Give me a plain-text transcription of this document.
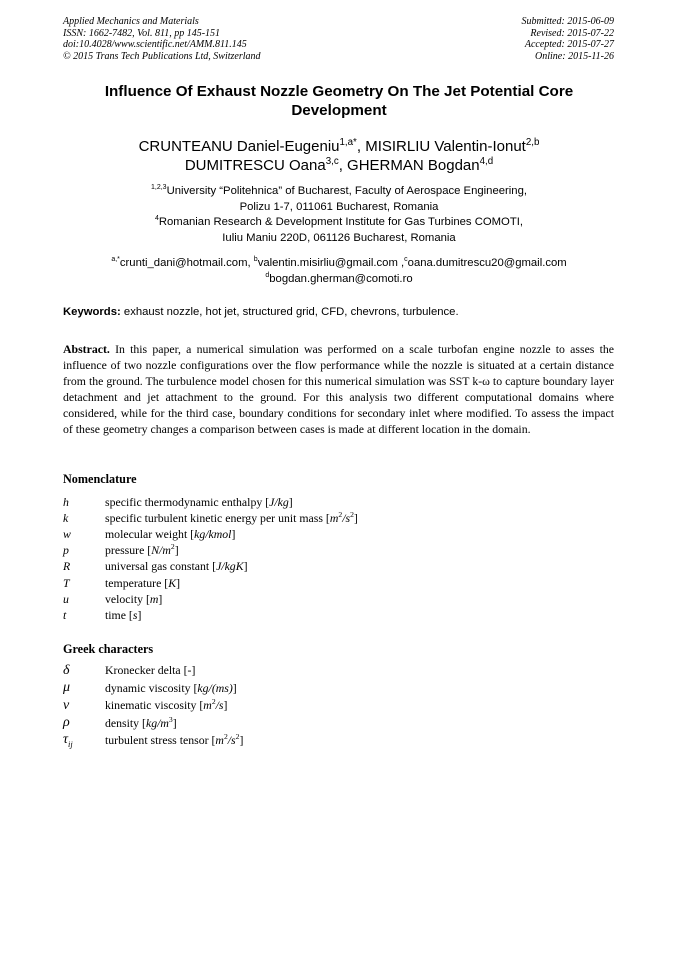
Applied Mechanics and Materials
ISSN: 1662-7482, Vol. 811, pp 145-151
doi:10.4028/www.scientific.net/AMM.811.145
© 2015 Trans Tech Publications Ltd, Switzerland
Submitted: 2015-06-09
Revised: 2015-07-22
Accepted: 2015-07-27
Online: 2015-11-26
Influence Of Exhaust Nozzle Geometry On The Jet Potential Core
Development
CRUNTEANU Daniel-Eugeniu$^{1,a*}$, MISIRLIU Valentin-Ionut$^{2,b}$
DUMITRESCU Oana$^{3,c}$, GHERMAN Bogdan$^{4,d}$
$^{1,2,3}$University “Politehnica” of Bucharest, Faculty of Aerospace Engineering,
Polizu 1-7, 011061 Bucharest, Romania
$^4$Romanian Research & Development Institute for Gas Turbines COMOTI,
Iuliu Maniu 220D, 061126 Bucharest, Romania
$^{a,*}$crunti_dani@hotmail.com, $^b$valentin.misirliu@gmail.com ,$^c$oana.dumitrescu20@gmail.com
$^d$bogdan.gherman@comoti.ro
Keywords: exhaust nozzle, hot jet, structured grid, CFD, chevrons, turbulence.
Abstract. In this paper, a numerical simulation was performed on a scale turbofan engine nozzle to asses the influence of two nozzle configurations over the flow performance while the nozzle is situated at a certain distance from the ground. The turbulence model chosen for this numerical simulation was SST k-ω to capture boundary layer detachment and jet attachment to the ground. For this analysis two different computational domains where considered, while for the third case, boundary conditions for secondary inlet where modified. To assess the impact of these geometry changes a comparison between cases is made at different location in the domain.
Nomenclature
h	specific thermodynamic enthalpy [J/kg]
k	specific turbulent kinetic energy per unit mass $[m^2/s^2]$
w	molecular weight [kg/kmol]
p	pressure $[N/m^2]$
R	universal gas constant [J/kgK]
T	temperature [K]
u	velocity [m]
t	time [s]
Greek characters
δ	Kronecker delta [-]
μ	dynamic viscosity [kg/(ms)]
ν	kinematic viscosity $[m^2/s]$
ρ	density $[kg/m^3]$
$\tau_{ij}$	turbulent stress tensor $[m^2/s^2]$
